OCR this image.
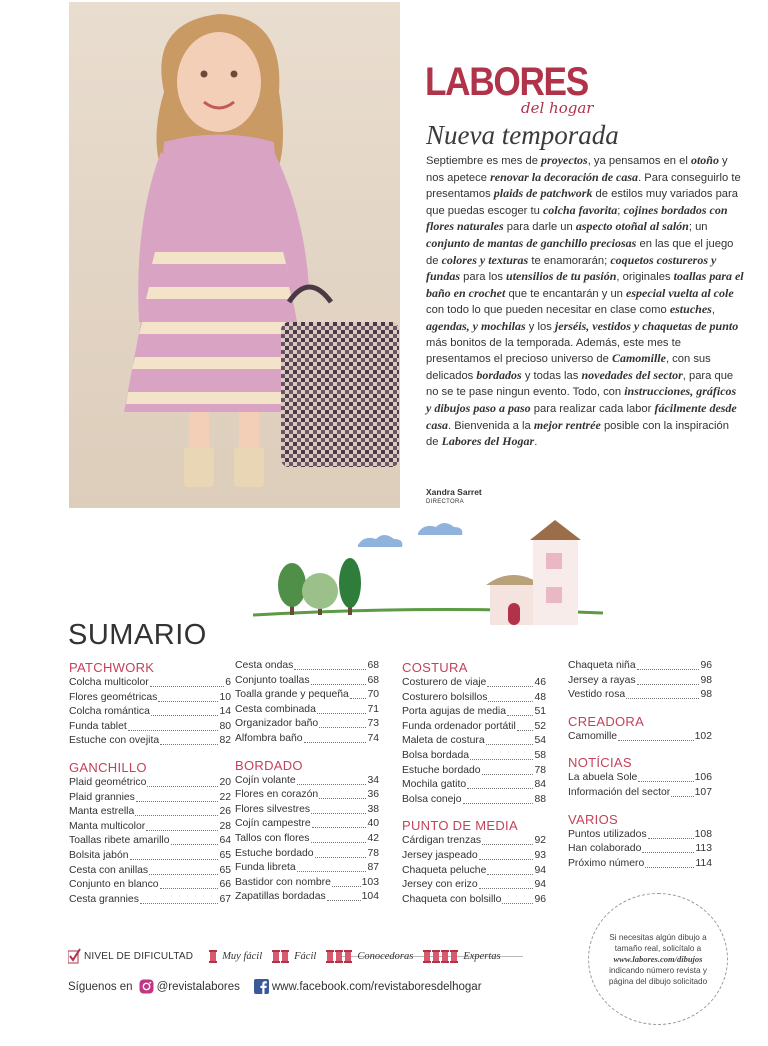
LABORES
del hogar
Nueva temporada
Septiembre es mes de proyectos, ya pensamos en el otoño y nos apetece renovar la decoración de casa. Para conseguirlo te presentamos plaids de patchwork de estilos muy variados para que puedas escoger tu colcha favorita; cojines bordados con flores naturales para darle un aspecto otoñal al salón; un conjunto de mantas de ganchillo preciosas en las que el juego de colores y texturas te enamorarán; coquetos costureros y fundas para los utensilios de tu pasión, originales toallas para el baño en crochet que te encantarán y un especial vuelta al cole con todo lo que pueden necesitar en clase como estuches, agendas, y mochilas y los jerséis, vestidos y chaquetas de punto más bonitos de la temporada. Además, este mes te presentamos el precioso universo de Camomille, con sus delicados bordados y todas las novedades del sector, para que no se te pase ningun evento. Todo, con instrucciones, gráficos y dibujos paso a paso para realizar cada labor fácilmente desde casa. Bienvenida a la mejor rentrée posible con la inspiración de Labores del Hogar.
Xandra Sarret
DIRECTORA
SUMARIO
PATCHWORK
Colcha multicolor	6
Flores geométricas	10
Colcha romántica	14
Funda tablet	80
Estuche con ovejita	82
GANCHILLO
Plaid geométrico	20
Plaid grannies	22
Manta estrella	26
Manta multicolor	28
Toallas ribete amarillo	64
Bolsita jabón	65
Cesta con anillas	65
Conjunto en blanco	66
Cesta grannies	67
Cesta ondas	68
Conjunto toallas	68
Toalla grande y pequeña 70
Cesta combinada	71
Organizador baño	73
Alfombra baño	74
BORDADO
Cojín volante	34
Flores en corazón	36
Flores silvestres	38
Cojín campestre	40
Tallos con flores	42
Estuche bordado	78
Funda libreta	87
Bastidor con nombre	103
Zapatillas bordadas	104
COSTURA
Costurero de viaje	46
Costurero bolsillos	48
Porta agujas de media	51
Funda ordenador portátil 52
Maleta de costura	54
Bolsa bordada	58
Estuche bordado	78
Mochila gatito	84
Bolsa conejo	88
PUNTO DE MEDIA
Cárdigan trenzas	92
Jersey jaspeado	93
Chaqueta peluche	94
Jersey con erizo	94
Chaqueta con bolsillo	96
Chaqueta niña	96
Jersey a rayas	98
Vestido rosa	98
CREADORA
Camomille	102
NOTÍCIAS
La abuela Sole	106
Información del sector 107
VARIOS
Puntos utilizados	108
Han colaborado	113
Próximo número	114
NIVEL DE DIFICULTAD	Muy fácil	Fácil	Conocedoras	Expertas
Síguenos en @revistalabores	www.facebook.com/revistaboresdelhogar
Si necesitas algún dibujo a tamaño real, solicítalo a www.labores.com/dibujos indicando número revista y página del dibujo solicitado
